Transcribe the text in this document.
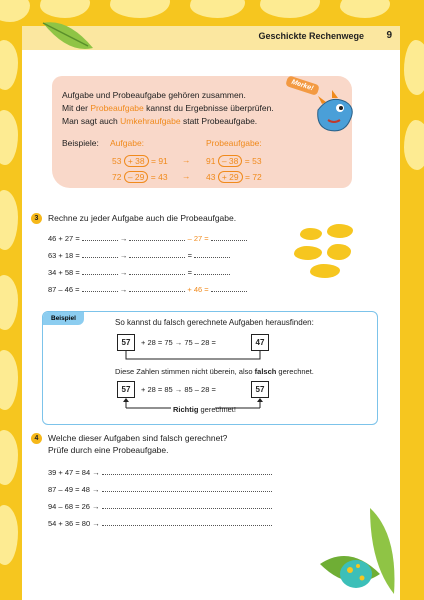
Geschickte Rechenwege 9
Merke!
Aufgabe und Probeaufgabe gehören zusammen.
Mit der Probeaufgabe kannst du Ergebnisse überprüfen.
Man sagt auch Umkehraufgabe statt Probeaufgabe.
Beispiele: Aufgabe:	Probeaufgabe:
53 + 38 = 91 → 91 – 38 = 53
72 – 29 = 43 → 43 + 29 = 72
3	Rechne zu jeder Aufgabe auch die Probeaufgabe.
46 + 27 =	→	– 27 =
63 + 18 =	→	=
34 + 58 =	→	=
87 – 46 =	→	+ 46 =
Beispiel	So kannst du falsch gerechnete Aufgaben herausfinden:
57	+ 28 = 75 → 75 – 28 =	47
Diese Zahlen stimmen nicht überein, also falsch gerechnet.
57	+ 28 = 85 → 85 – 28 =	57
Richtig gerechnet!
4	Welche dieser Aufgaben sind falsch gerechnet?
Prüfe durch eine Probeaufgabe.
39 + 47 = 84 →
87 – 49 = 48 →
94 – 68 = 26 →
54 + 36 = 80 →
